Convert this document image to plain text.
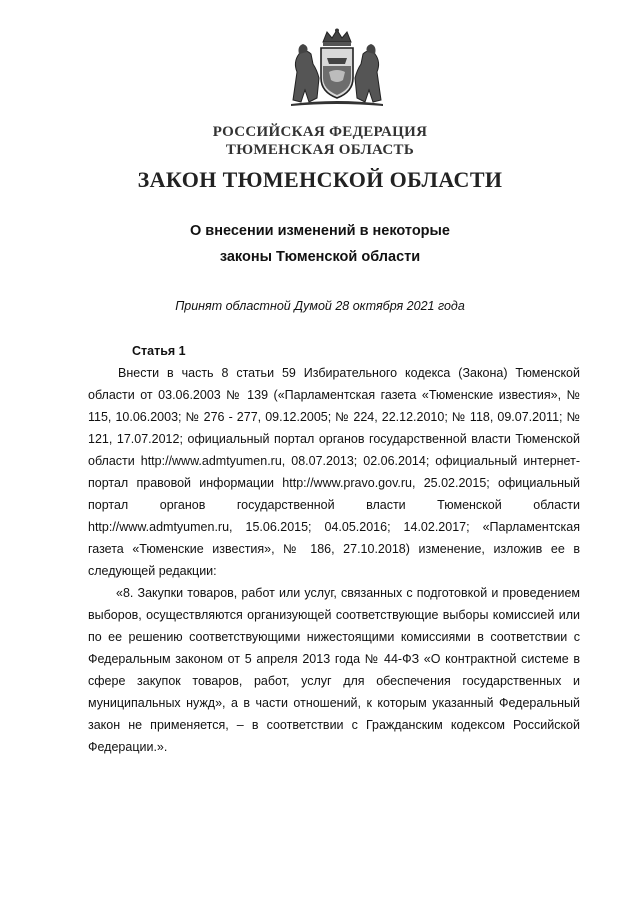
РОССИЙСКАЯ ФЕДЕРАЦИЯ
ТЮМЕНСКАЯ ОБЛАСТЬ
ЗАКОН ТЮМЕНСКОЙ ОБЛАСТИ
О внесении изменений в некоторые
законы Тюменской области
Принят областной Думой 28 октября 2021 года
Статья 1

Внести в часть 8 статьи 59 Избирательного кодекса (Закона) Тюменской области от 03.06.2003 № 139 («Парламентская газета «Тюменские известия», № 115, 10.06.2003; № 276 - 277, 09.12.2005; № 224, 22.12.2010; № 118, 09.07.2011; № 121, 17.07.2012; официальный портал органов государственной власти Тюменской области http://www.admtyumen.ru, 08.07.2013; 02.06.2014; официальный интернет-портал правовой информации http://www.pravo.gov.ru, 25.02.2015; официальный портал органов государственной власти Тюменской области http://www.admtyumen.ru, 15.06.2015; 04.05.2016; 14.02.2017; «Парламентская газета «Тюменские известия», № 186, 27.10.2018) изменение, изложив ее в следующей редакции:

«8. Закупки товаров, работ или услуг, связанных с подготовкой и проведением выборов, осуществляются организующей соответствующие выборы комиссией или по ее решению соответствующими нижестоящими комиссиями в соответствии с Федеральным законом от 5 апреля 2013 года № 44-ФЗ «О контрактной системе в сфере закупок товаров, работ, услуг для обеспечения государственных и муниципальных нужд», а в части отношений, к которым указанный Федеральный закон не применяется, – в соответствии с Гражданским кодексом Российской Федерации.».
